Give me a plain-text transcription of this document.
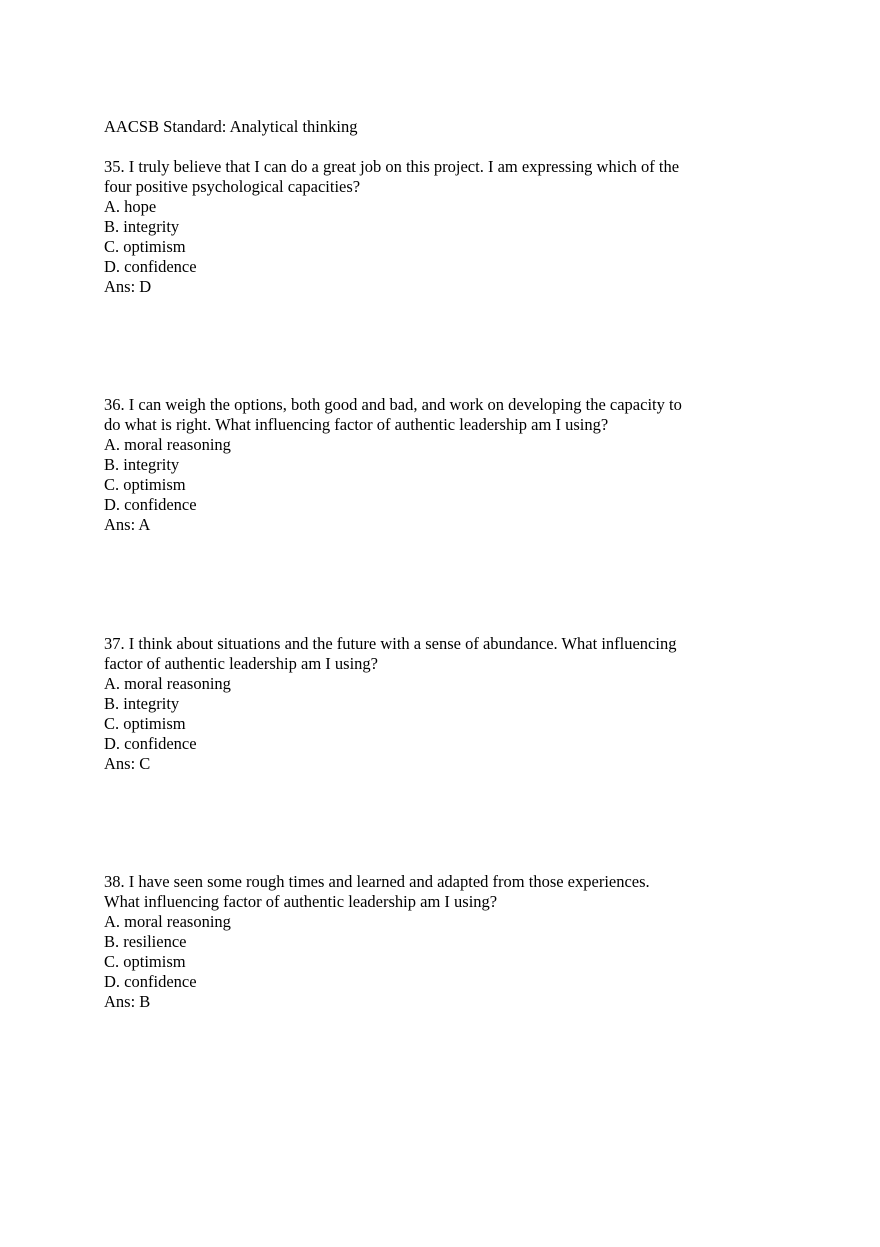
AACSB Standard: Analytical thinking
35. I truly believe that I can do a great job on this project. I am expressing which of the
four positive psychological capacities?
A. hope
B. integrity
C. optimism
D. confidence
Ans: D
36. I can weigh the options, both good and bad, and work on developing the capacity to
do what is right. What influencing factor of authentic leadership am I using?
A. moral reasoning
B. integrity
C. optimism
D. confidence
Ans: A
37. I think about situations and the future with a sense of abundance. What influencing
factor of authentic leadership am I using?
A. moral reasoning
B. integrity
C. optimism
D. confidence
Ans: C
38. I have seen some rough times and learned and adapted from those experiences.
What influencing factor of authentic leadership am I using?
A. moral reasoning
B. resilience
C. optimism
D. confidence
Ans: B
